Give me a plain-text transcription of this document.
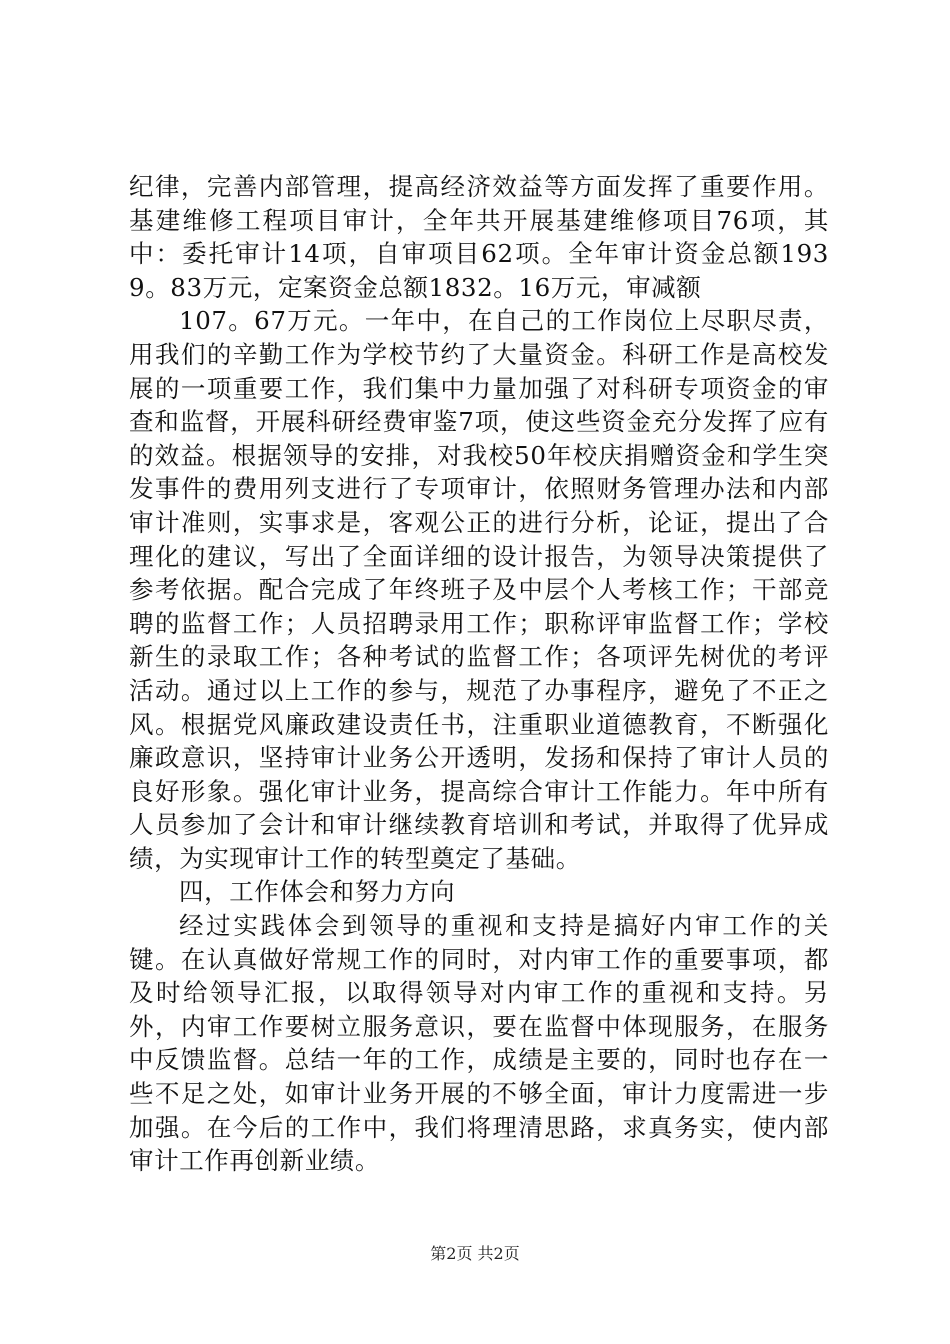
纪律，完善内部管理，提高经济效益等方面发挥了重要作用。基建维修工程项目审计，全年共开展基建维修项目76项，其中：委托审计14项，自审项目62项。全年审计资金总额1939。83万元，定案资金总额1832。16万元，审减额

107。67万元。一年中，在自己的工作岗位上尽职尽责，用我们的辛勤工作为学校节约了大量资金。科研工作是高校发展的一项重要工作，我们集中力量加强了对科研专项资金的审查和监督，开展科研经费审鉴7项，使这些资金充分发挥了应有的效益。根据领导的安排，对我校50年校庆捐赠资金和学生突发事件的费用列支进行了专项审计，依照财务管理办法和内部审计准则，实事求是，客观公正的进行分析，论证，提出了合理化的建议，写出了全面详细的设计报告，为领导决策提供了参考依据。配合完成了年终班子及中层个人考核工作；干部竞聘的监督工作；人员招聘录用工作；职称评审监督工作；学校新生的录取工作；各种考试的监督工作；各项评先树优的考评活动。通过以上工作的参与，规范了办事程序，避免了不正之风。根据党风廉政建设责任书，注重职业道德教育，不断强化廉政意识，坚持审计业务公开透明，发扬和保持了审计人员的良好形象。强化审计业务，提高综合审计工作能力。年中所有人员参加了会计和审计继续教育培训和考试，并取得了优异成绩，为实现审计工作的转型奠定了基础。

四，工作体会和努力方向

经过实践体会到领导的重视和支持是搞好内审工作的关键。在认真做好常规工作的同时，对内审工作的重要事项，都及时给领导汇报，以取得领导对内审工作的重视和支持。另外，内审工作要树立服务意识，要在监督中体现服务，在服务中反馈监督。总结一年的工作，成绩是主要的，同时也存在一些不足之处，如审计业务开展的不够全面，审计力度需进一步加强。在今后的工作中，我们将理清思路，求真务实，使内部审计工作再创新业绩。

第2页 共2页
